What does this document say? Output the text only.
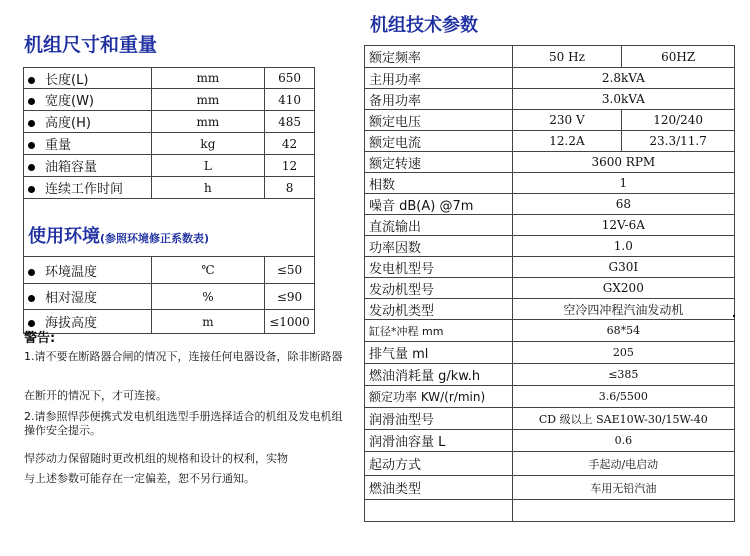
机组尺寸和重量
机组技术参数
长度(L)	mm	650
宽度(W)	mm	410
高度(H)	mm	485
重量	kg	42
油箱容量	L	12
连续工作时间	h	8

环境温度	℃	≤50
相对湿度	%	≤90
海拔高度	m	≤1000
使用环境(参照环境修正系数表)
额定频率	50 Hz	60HZ
主用功率	2.8kVA	
备用功率	3.0kVA	
额定电压	230 V	120/240
额定电流	12.2A	23.3/11.7
额定转速	3600 RPM	
相数	1	
噪音 dB(A) @7m	68	
直流输出	12V-6A	
功率因数	1.0	
发电机型号	G30I	
发动机型号	GX200	
发动机类型	空冷四冲程汽油发动机	
缸径*冲程 mm	68*54	
排气量 ml	205	
燃油消耗量 g/kw.h	≤385	
额定功率 KW/(r/min)	3.6/5500	
润滑油型号	CD 级以上 SAE10W-30/15W-40	
润滑油容量 L	0.6	
起动方式	手起动/电启动	
燃油类型	车用无铅汽油	

警告:
1.请不要在断路器合闸的情况下，连接任何电器设备，除非断路器
在断开的情况下，才可连接。
2.请参照悍莎便携式发电机组选型手册选择适合的机组及发电机组操作安全提示。
悍莎动力保留随时更改机组的规格和设计的权利，实物
与上述参数可能存在一定偏差，恕不另行通知。
